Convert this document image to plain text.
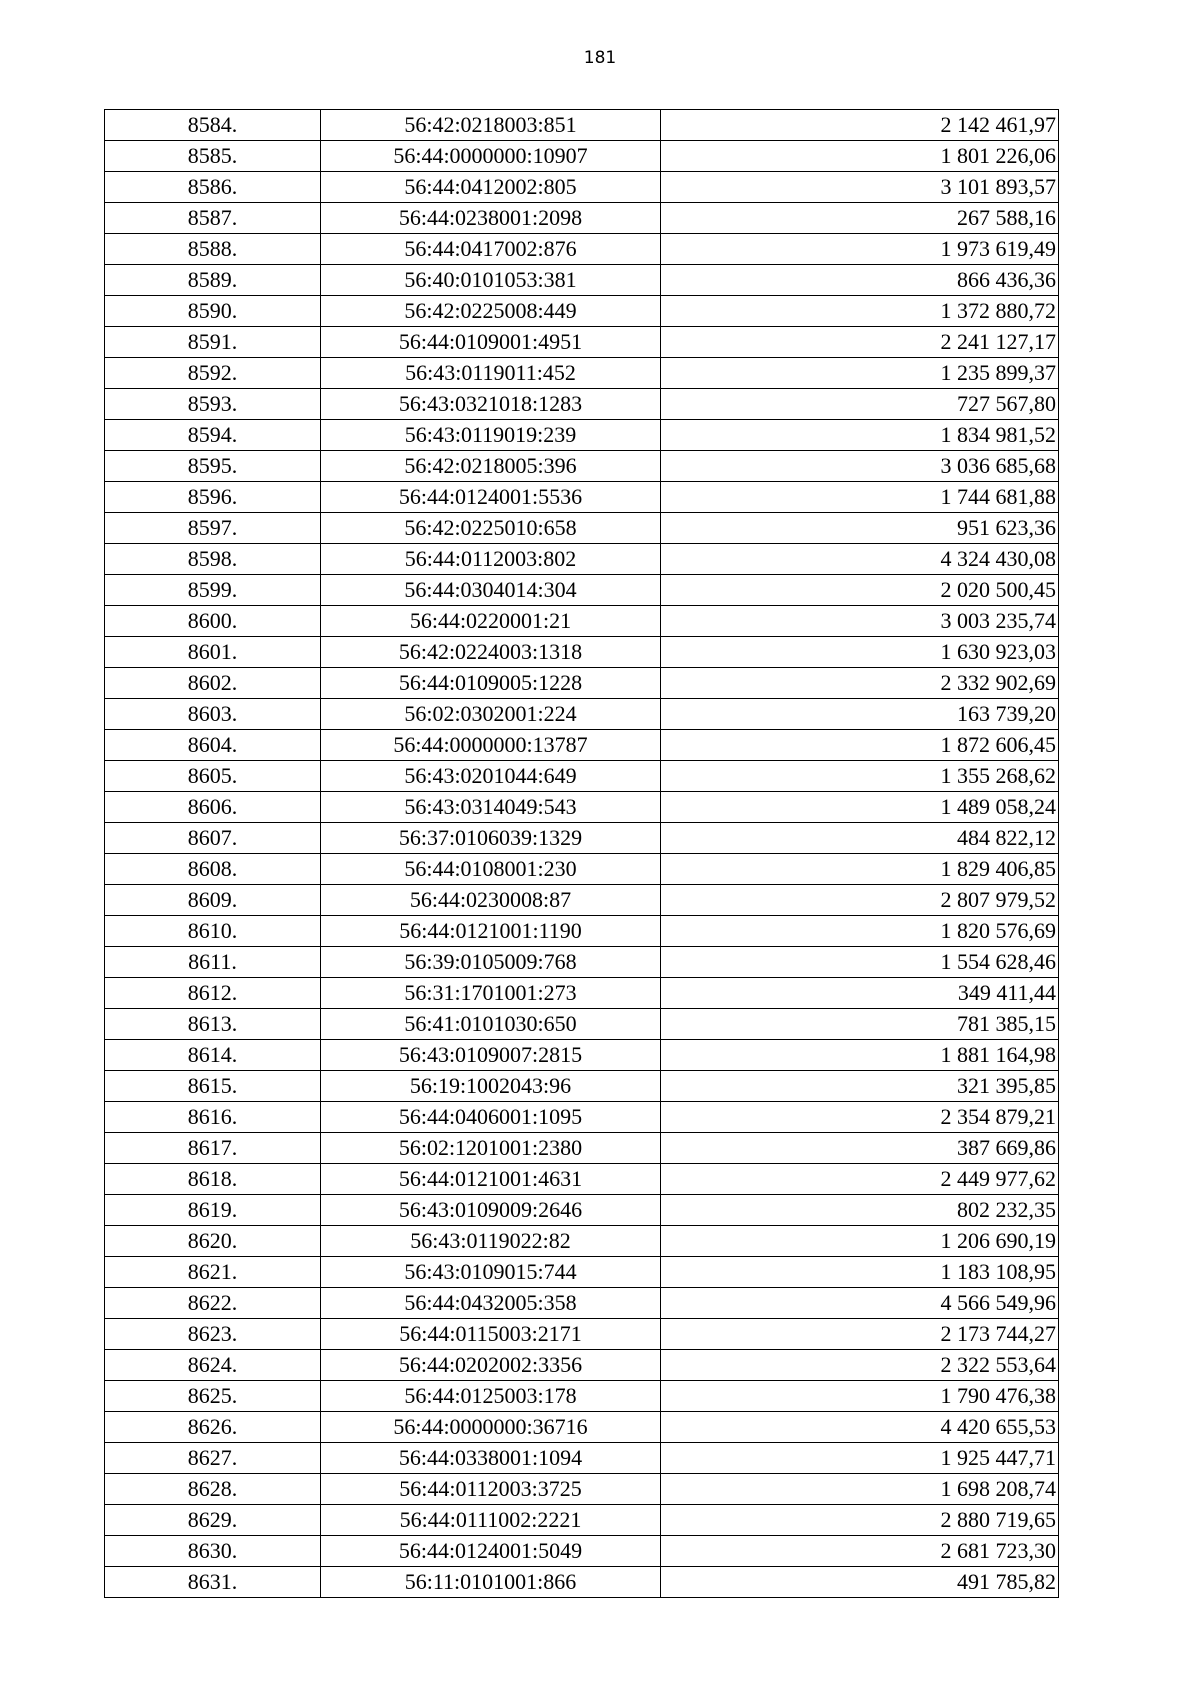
181
8584.	56:42:0218003:851	2 142 461,97
8585.	56:44:0000000:10907	1 801 226,06
8586.	56:44:0412002:805	3 101 893,57
8587.	56:44:0238001:2098	267 588,16
8588.	56:44:0417002:876	1 973 619,49
8589.	56:40:0101053:381	866 436,36
8590.	56:42:0225008:449	1 372 880,72
8591.	56:44:0109001:4951	2 241 127,17
8592.	56:43:0119011:452	1 235 899,37
8593.	56:43:0321018:1283	727 567,80
8594.	56:43:0119019:239	1 834 981,52
8595.	56:42:0218005:396	3 036 685,68
8596.	56:44:0124001:5536	1 744 681,88
8597.	56:42:0225010:658	951 623,36
8598.	56:44:0112003:802	4 324 430,08
8599.	56:44:0304014:304	2 020 500,45
8600.	56:44:0220001:21	3 003 235,74
8601.	56:42:0224003:1318	1 630 923,03
8602.	56:44:0109005:1228	2 332 902,69
8603.	56:02:0302001:224	163 739,20
8604.	56:44:0000000:13787	1 872 606,45
8605.	56:43:0201044:649	1 355 268,62
8606.	56:43:0314049:543	1 489 058,24
8607.	56:37:0106039:1329	484 822,12
8608.	56:44:0108001:230	1 829 406,85
8609.	56:44:0230008:87	2 807 979,52
8610.	56:44:0121001:1190	1 820 576,69
8611.	56:39:0105009:768	1 554 628,46
8612.	56:31:1701001:273	349 411,44
8613.	56:41:0101030:650	781 385,15
8614.	56:43:0109007:2815	1 881 164,98
8615.	56:19:1002043:96	321 395,85
8616.	56:44:0406001:1095	2 354 879,21
8617.	56:02:1201001:2380	387 669,86
8618.	56:44:0121001:4631	2 449 977,62
8619.	56:43:0109009:2646	802 232,35
8620.	56:43:0119022:82	1 206 690,19
8621.	56:43:0109015:744	1 183 108,95
8622.	56:44:0432005:358	4 566 549,96
8623.	56:44:0115003:2171	2 173 744,27
8624.	56:44:0202002:3356	2 322 553,64
8625.	56:44:0125003:178	1 790 476,38
8626.	56:44:0000000:36716	4 420 655,53
8627.	56:44:0338001:1094	1 925 447,71
8628.	56:44:0112003:3725	1 698 208,74
8629.	56:44:0111002:2221	2 880 719,65
8630.	56:44:0124001:5049	2 681 723,30
8631.	56:11:0101001:866	491 785,82
